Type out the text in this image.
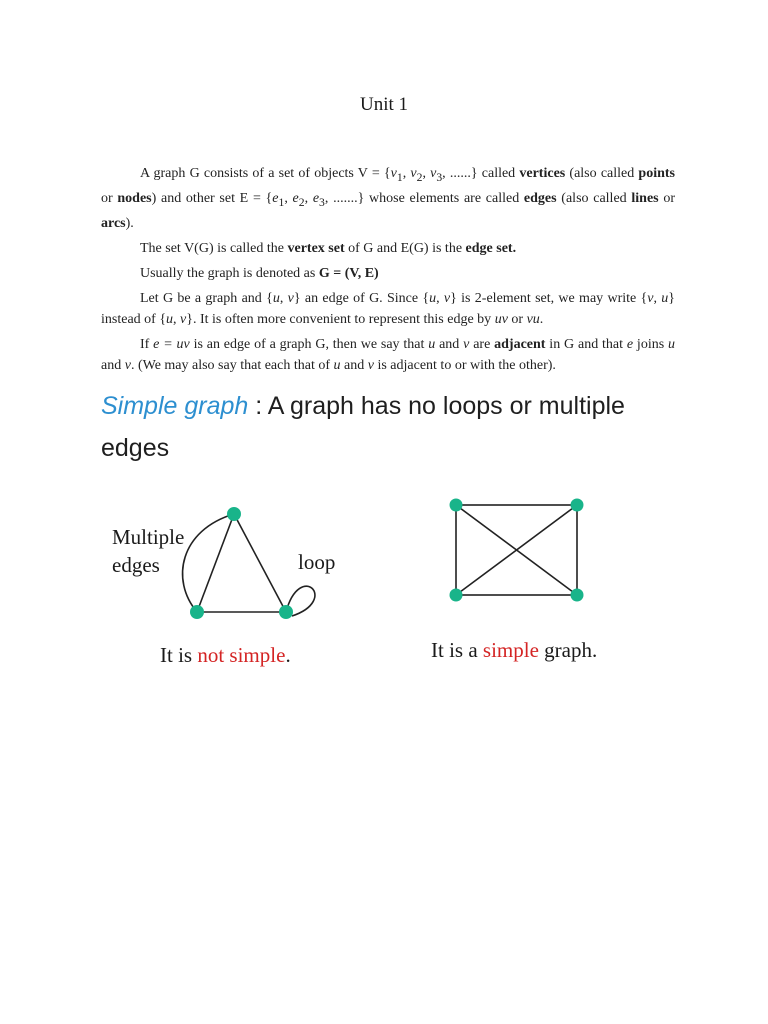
Unit 1

A graph G consists of a set of objects $V = \{v_1$, $v_2$, $v_3$, ......} called vertices (also called points or nodes) and other set $E = \{e_1$, $e_2$, $e_3$, .......} whose elements are called edges (also called lines or arcs).

The set V(G) is called the vertex set of G and E(G) is the edge set.

Usually the graph is denoted as G = (V, E)

Let G be a graph and {u, v} an edge of G. Since {u, v} is 2-element set, we may write {v, u} instead of {u, v}. It is often more convenient to represent this edge by uv or vu.

If e = uv is an edge of a graph G, then we say that u and v are adjacent in G and that e joins u and v. (We may also say that each that of u and v is adjacent to or with the other).

Simple graph : A graph has no loops or multiple edges
Multiple
edges	loop
It is not simple.	It is a simple graph.
